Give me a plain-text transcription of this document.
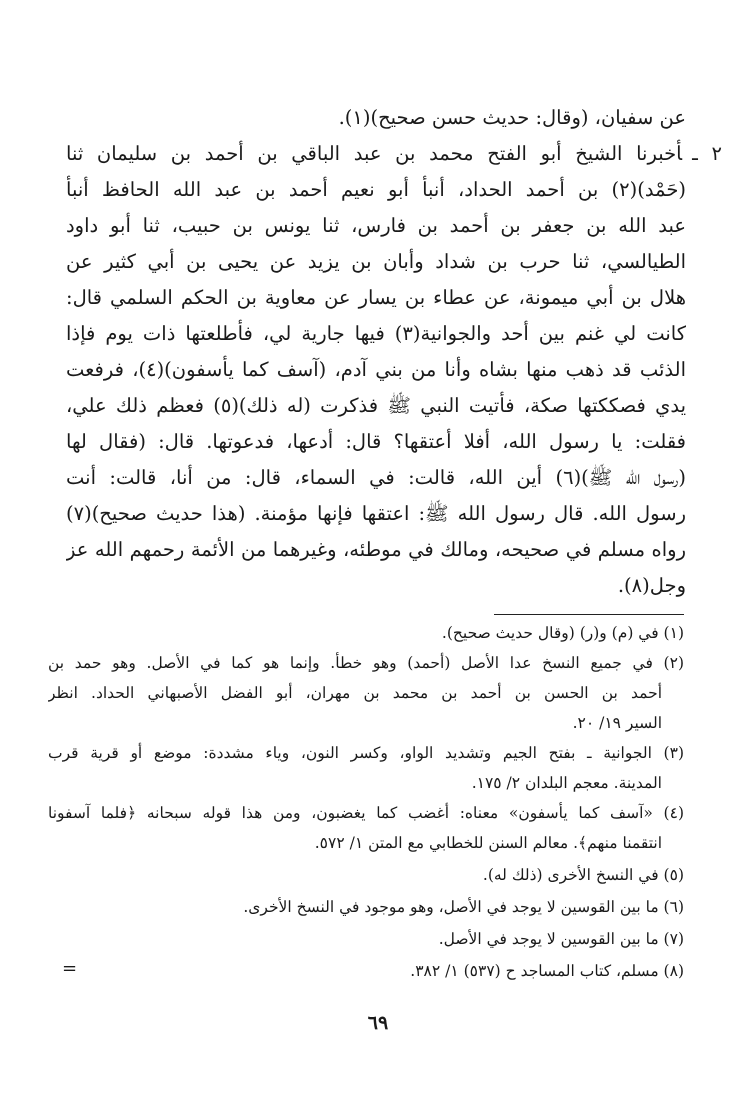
عن سفيان، (وقال: حديث حسن صحيح)(١).

٢ ـأخبرنا الشيخ أبو الفتح محمد بن عبد الباقي بن أحمد بن سليمان ثنا

(حَمْد)(٢) بن أحمد الحداد، أنبأ أبو نعيم أحمد بن عبد الله الحافظ أنبأ

عبد الله بن جعفر بن أحمد بن فارس، ثنا يونس بن حبيب، ثنا أبو داود

الطيالسي، ثنا حرب بن شداد وأبان بن يزيد عن يحيى بن أبي كثير عن

هلال بن أبي ميمونة، عن عطاء بن يسار عن معاوية بن الحكم السلمي قال:

كانت لي غنم بين أحد والجوانية(٣) فيها جارية لي، فأطلعتها ذات يوم فإذا

الذئب قد ذهب منها بشاه وأنا من بني آدم، (آسف كما يأسفون)(٤)، فرفعت

يدي فصككتها صكة، فأتيت النبي ﷺ فذكرت (له ذلك)(٥) فعظم ذلك علي،

فقلت: يا رسول الله، أفلا أعتقها؟ قال: أدعها، فدعوتها. قال: (فقال لها

(رسول الله ﷺ)(٦) أين الله، قالت: في السماء، قال: من أنا، قالت: أنت

رسول الله. قال رسول الله ﷺ: اعتقها فإنها مؤمنة. (هذا حديث صحيح)(٧)

رواه مسلم في صحيحه، ومالك في موطئه، وغيرهما من الأئمة رحمهم الله عز

وجل(٨).

(١) في (م) و(ر) (وقال حديث صحيح).

(٢) في جميع النسخ عدا الأصل (أحمد) وهو خطأ. وإنما هو كما في الأصل. وهو حمد بن

أحمد بن الحسن بن أحمد بن محمد بن مهران، أبو الفضل الأصبهاني الحداد. انظر

السير ١٩/ ٢٠.

(٣) الجوانية ـ بفتح الجيم وتشديد الواو، وكسر النون، وياء مشددة: موضع أو قرية قرب

المدينة. معجم البلدان ٢/ ١٧٥.

(٤) «آسف كما يأسفون» معناه: أغضب كما يغضبون، ومن هذا قوله سبحانه ﴿فلما آسفونا

انتقمنا منهم﴾. معالم السنن للخطابي مع المتن ١/ ٥٧٢.

(٥) في النسخ الأخرى (ذلك له).

(٦) ما بين القوسين لا يوجد في الأصل، وهو موجود في النسخ الأخرى.

(٧) ما بين القوسين لا يوجد في الأصل.

(٨) مسلم، كتاب المساجد ح (٥٣٧) ١/ ٣٨٢.

=
٦٩
